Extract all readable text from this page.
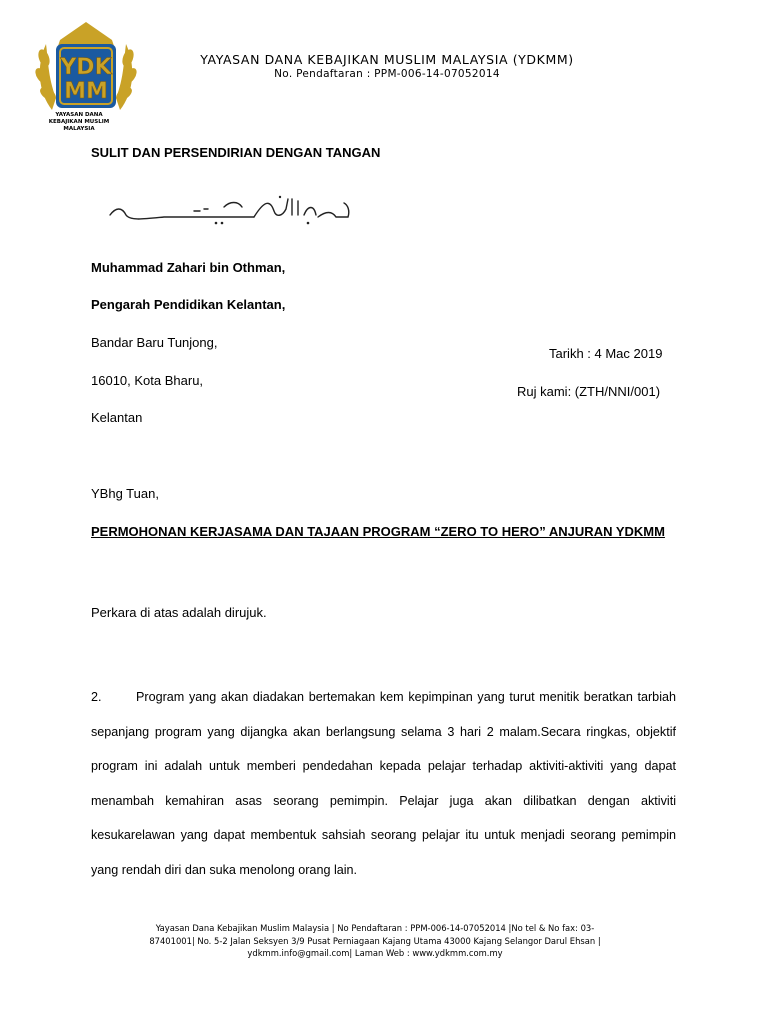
YDK
MM
YAYASAN DANA KEBAJIKAN MUSLIM MALAYSIA
YAYASAN DANA KEBAJIKAN MUSLIM MALAYSIA (YDKMM)
No. Pendaftaran : PPM-006-14-07052014
SULIT DAN PERSENDIRIAN DENGAN TANGAN
Muhammad Zahari bin Othman,
Pengarah Pendidikan Kelantan,
Bandar Baru Tunjong,
16010, Kota Bharu,
Kelantan
Tarikh : 4 Mac 2019
Ruj kami: (ZTH/NNI/001)
YBhg Tuan,
PERMOHONAN KERJASAMA DAN TAJAAN PROGRAM “ZERO TO HERO” ANJURAN YDKMM
Perkara di atas adalah dirujuk.
2.	Program yang akan diadakan bertemakan kem kepimpinan yang turut menitik beratkan tarbiah sepanjang program yang dijangka akan berlangsung selama 3 hari 2 malam.Secara ringkas, objektif program ini adalah untuk memberi pendedahan kepada pelajar terhadap aktiviti-aktiviti yang dapat menambah kemahiran asas seorang pemimpin. Pelajar juga akan dilibatkan dengan aktiviti kesukarelawan yang dapat membentuk sahsiah seorang pelajar itu untuk menjadi seorang pemimpin yang rendah diri dan suka menolong orang lain.
Yayasan Dana Kebajikan Muslim Malaysia | No Pendaftaran : PPM-006-14-07052014 |No tel & No fax: 03-87401001| No. 5-2 Jalan Seksyen 3/9 Pusat Perniagaan Kajang Utama 43000 Kajang Selangor Darul Ehsan | ydkmm.info@gmail.com| Laman Web : www.ydkmm.com.my
